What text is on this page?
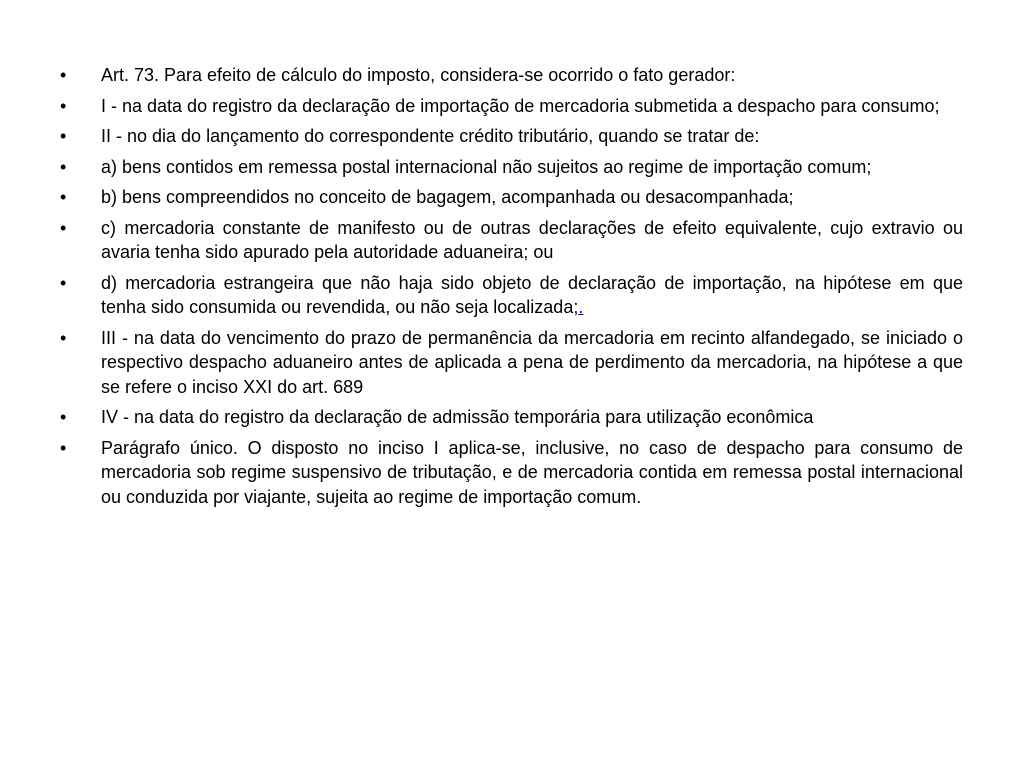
•	Art. 73. Para efeito de cálculo do imposto, considera-se ocorrido o fato gerador:
•	I - na data do registro da declaração de importação de mercadoria submetida a despacho para consumo;
•	II - no dia do lançamento do correspondente crédito tributário, quando se tratar de:
•	a) bens contidos em remessa postal internacional não sujeitos ao regime de importação comum;
•	b) bens compreendidos no conceito de bagagem, acompanhada ou desacompanhada;
•	c) mercadoria constante de manifesto ou de outras declarações de efeito equivalente, cujo extravio ou avaria tenha sido apurado pela autoridade aduaneira; ou
•	d) mercadoria estrangeira que não haja sido objeto de declaração de importação, na hipótese em que tenha sido consumida ou revendida, ou não seja localizada;.
•	III - na data do vencimento do prazo de permanência da mercadoria em recinto alfandegado, se iniciado o respectivo despacho aduaneiro antes de aplicada a pena de perdimento da mercadoria, na hipótese a que se refere o inciso XXI do art. 689
•	IV - na data do registro da declaração de admissão temporária para utilização econômica
•	Parágrafo único. O disposto no inciso I aplica-se, inclusive, no caso de despacho para consumo de mercadoria sob regime suspensivo de tributação, e de mercadoria contida em remessa postal internacional ou conduzida por viajante, sujeita ao regime de importação comum.
